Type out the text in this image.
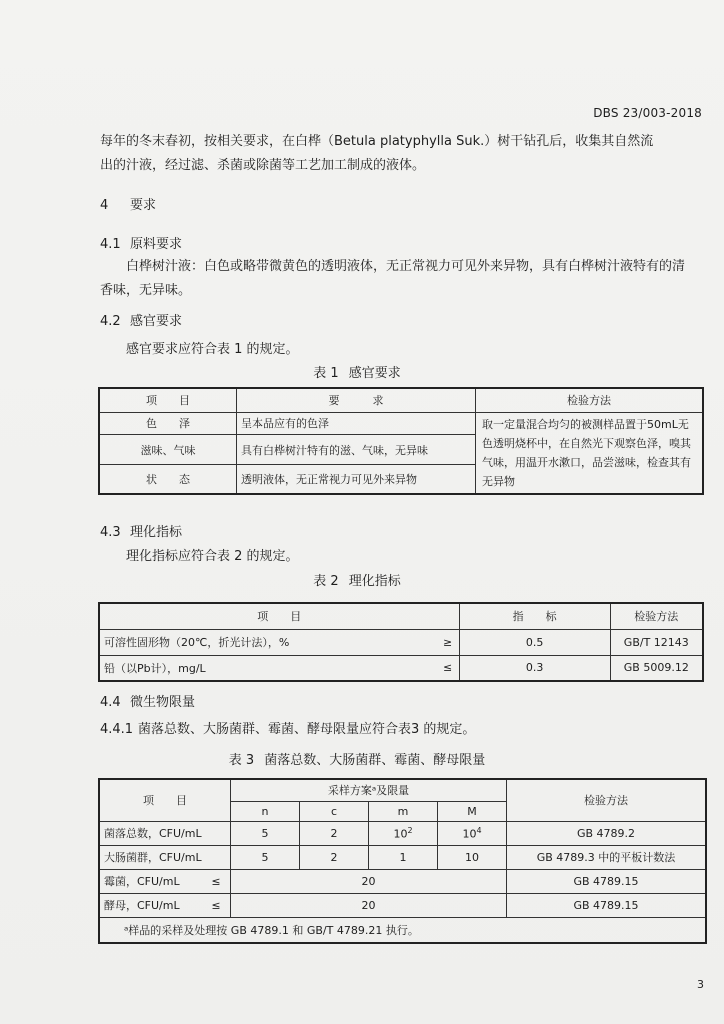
DBS 23/003-2018
每年的冬末春初，按相关要求，在白桦（Betula platyphylla Suk.）树干钻孔后，收集其自然流
出的汁液，经过滤、杀菌或除菌等工艺加工制成的液体。
4 要求
4.1 原料要求
白桦树汁液：白色或略带微黄色的透明液体，无正常视力可见外来异物，具有白桦树汁液特有的清
香味，无异味。
4.2 感官要求
感官要求应符合表 1 的规定。
表 1 感官要求
项　　目	要　　　求	检验方法
色　　泽	呈本品应有的色泽	取一定量混合均匀的被测样品置于50mL无色透明烧杯中，在自然光下观察色泽，嗅其气味，用温开水漱口，品尝滋味，检查其有无异物
滋味、气味	具有白桦树汁特有的滋、气味，无异味	
状　　态	透明液体，无正常视力可见外来异物	
4.3 理化指标
理化指标应符合表 2 的规定。
表 2 理化指标
项　　目		指　　标	检验方法
可溶性固形物（20℃，折光计法），%	≥	0.5	GB/T 12143
铅（以Pb计），mg/L	≤	0.3	GB 5009.12
4.4 微生物限量
4.4.1 菌落总数、大肠菌群、霉菌、酵母限量应符合表3 的规定。
表 3 菌落总数、大肠菌群、霉菌、酵母限量
项　　目		采样方案ᵃ及限量				检验方法
		n	c	m	M	
菌落总数，CFU/mL		5	2	$10^2$	$10^4$	GB 4789.2
大肠菌群，CFU/mL		5	2	1	10	GB 4789.3 中的平板计数法
霉菌，CFU/mL	≤	20				GB 4789.15
酵母，CFU/mL	≤	20				GB 4789.15
ᵃ样品的采样及处理按 GB 4789.1 和 GB/T 4789.21 执行。						
3
